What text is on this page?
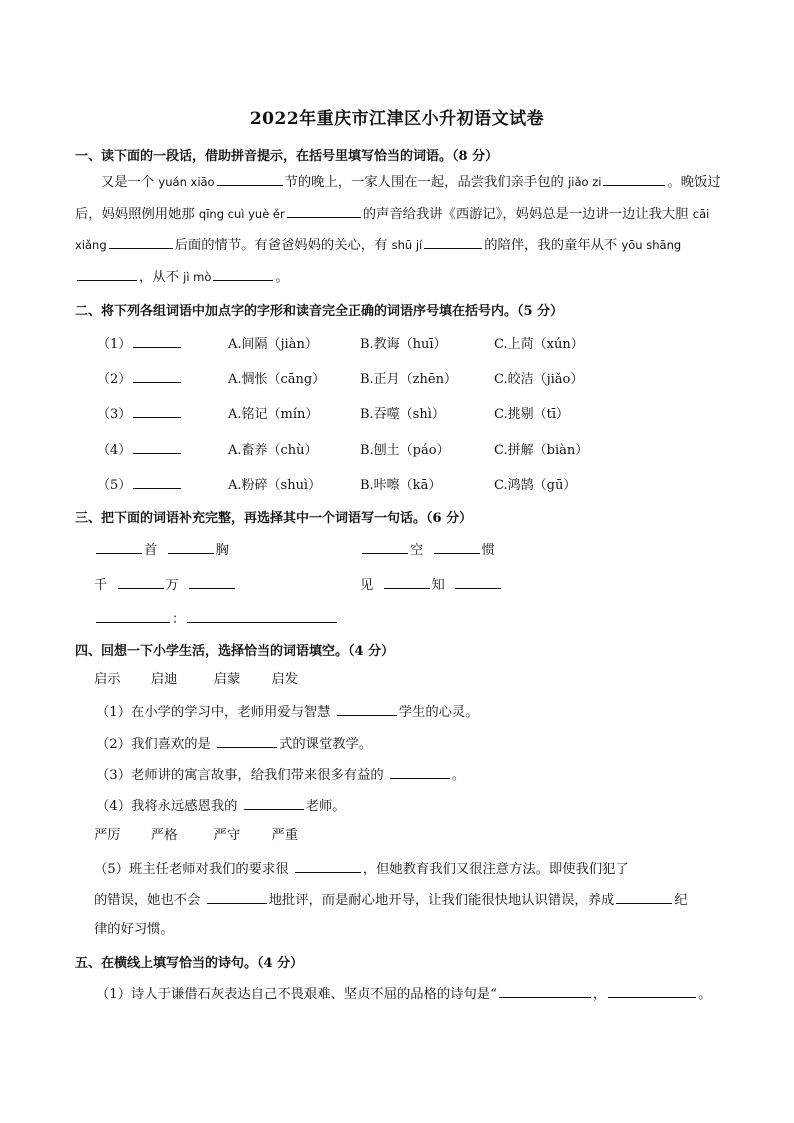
2022年重庆市江津区小升初语文试卷
一、读下面的一段话，借助拼音提示，在括号里填写恰当的词语。（8 分）
又是一个 yuán xiāo	节的晚上，一家人围在一起，品尝我们亲手包的 jiǎo zi	。晚饭过后，妈妈照例用她那 qīng cuì yuè ěr	的声音给我讲《西游记》，妈妈总是一边讲一边让我大胆 cāi xiǎng	后面的情节。有爸爸妈妈的关心，有 shū jí	的陪伴，我的童年从不 yōu shāng，从不 jì mò	。
二、将下列各组词语中加点字的字形和读音完全正确的词语序号填在括号内。（5 分）
（1）	A.间隔（jiàn）	B.教诲（huī）	C.上苘（xún）
（2）	A.惆怅（cāng）	B.正月（zhēn）	C.皎洁（jiǎo）
（3）	A.铭记（mín）	B.吞噬（shì）	C.挑剔（tī）
（4）	A.畜养（chù）	B.刨土（páo）	C.拼解（biàn）
（5）	A.粉碎（shuì）	B.咔嚓（kā）	C.鸿鹄（gū）
三、把下面的词语补充完整，再选择其中一个词语写一句话。（6 分）
首	胸	空	惯
千	万	见	知
：
四、回想一下小学生活，选择恰当的词语填空。（4 分）
启示 启迪	启蒙 启发
（1）在小学的学习中，老师用爱与智慧	学生的心灵。
（2）我们喜欢的是	式的课堂教学。
（3）老师讲的寓言故事，给我们带来很多有益的	。
（4）我将永远感恩我的	老师。
严厉 严格	严守 严重
（5）班主任老师对我们的要求很	，但她教育我们又很注意方法。即使我们犯了
的错误，她也不会	地批评，而是耐心地开导，让我们能很快地认识错误，养成	纪
律的好习惯。
五、在横线上填写恰当的诗句。（4 分）
（1）诗人于谦借石灰表达自己不畏艰难、坚贞不屈的品格的诗句是“	，	。
